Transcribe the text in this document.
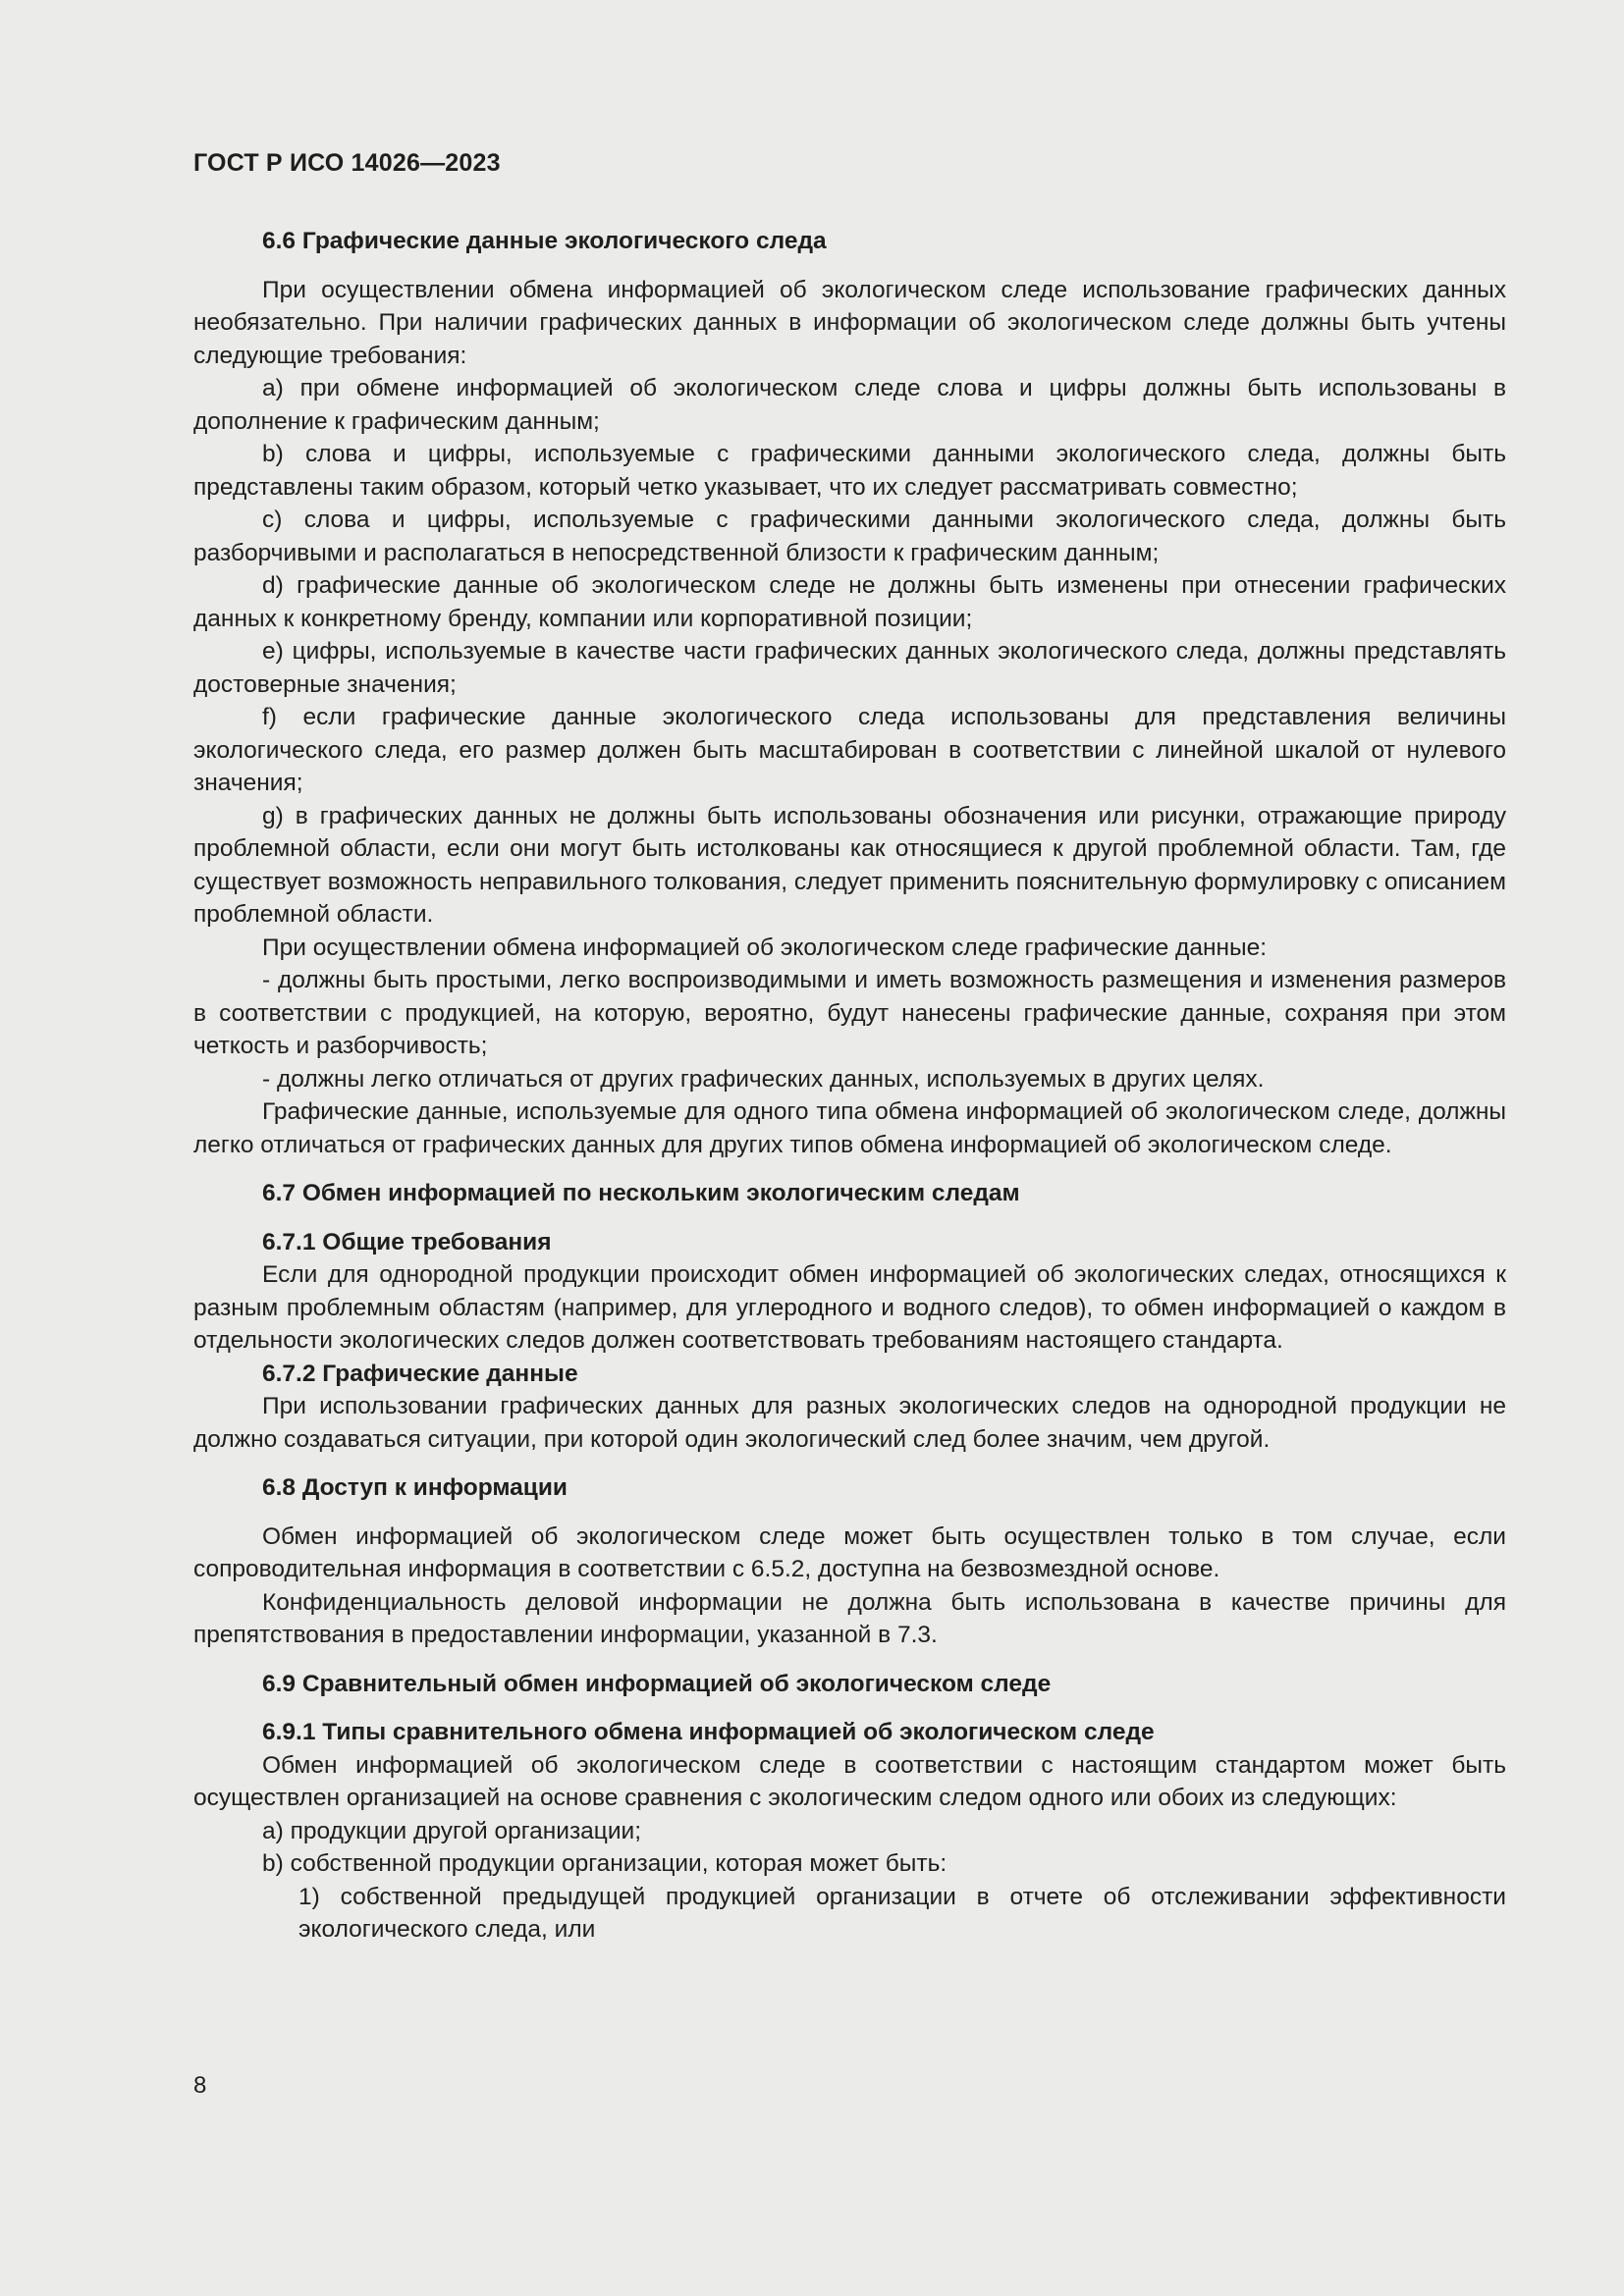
ГОСТ Р ИСО 14026—2023

6.6 Графические данные экологического следа

При осуществлении обмена информацией об экологическом следе использование графических данных необязательно. При наличии графических данных в информации об экологическом следе должны быть учтены следующие требования:

а) при обмене информацией об экологическом следе слова и цифры должны быть использованы в дополнение к графическим данным;

b) слова и цифры, используемые с графическими данными экологического следа, должны быть представлены таким образом, который четко указывает, что их следует рассматривать совместно;

c) слова и цифры, используемые с графическими данными экологического следа, должны быть разборчивыми и располагаться в непосредственной близости к графическим данным;

d) графические данные об экологическом следе не должны быть изменены при отнесении графических данных к конкретному бренду, компании или корпоративной позиции;

e) цифры, используемые в качестве части графических данных экологического следа, должны представлять достоверные значения;

f) если графические данные экологического следа использованы для представления величины экологического следа, его размер должен быть масштабирован в соответствии с линейной шкалой от нулевого значения;

g) в графических данных не должны быть использованы обозначения или рисунки, отражающие природу проблемной области, если они могут быть истолкованы как относящиеся к другой проблемной области. Там, где существует возможность неправильного толкования, следует применить пояснительную формулировку с описанием проблемной области.

При осуществлении обмена информацией об экологическом следе графические данные:

- должны быть простыми, легко воспроизводимыми и иметь возможность размещения и изменения размеров в соответствии с продукцией, на которую, вероятно, будут нанесены графические данные, сохраняя при этом четкость и разборчивость;

- должны легко отличаться от других графических данных, используемых в других целях.

Графические данные, используемые для одного типа обмена информацией об экологическом следе, должны легко отличаться от графических данных для других типов обмена информацией об экологическом следе.

6.7 Обмен информацией по нескольким экологическим следам

6.7.1 Общие требования

Если для однородной продукции происходит обмен информацией об экологических следах, относящихся к разным проблемным областям (например, для углеродного и водного следов), то обмен информацией о каждом в отдельности экологических следов должен соответствовать требованиям настоящего стандарта.

6.7.2 Графические данные

При использовании графических данных для разных экологических следов на однородной продукции не должно создаваться ситуации, при которой один экологический след более значим, чем другой.

6.8 Доступ к информации

Обмен информацией об экологическом следе может быть осуществлен только в том случае, если сопроводительная информация в соответствии с 6.5.2, доступна на безвозмездной основе.

Конфиденциальность деловой информации не должна быть использована в качестве причины для препятствования в предоставлении информации, указанной в 7.3.

6.9 Сравнительный обмен информацией об экологическом следе

6.9.1 Типы сравнительного обмена информацией об экологическом следе

Обмен информацией об экологическом следе в соответствии с настоящим стандартом может быть осуществлен организацией на основе сравнения с экологическим следом одного или обоих из следующих:

а) продукции другой организации;

b) собственной продукции организации, которая может быть:

1) собственной предыдущей продукцией организации в отчете об отслеживании эффективности экологического следа, или

8
